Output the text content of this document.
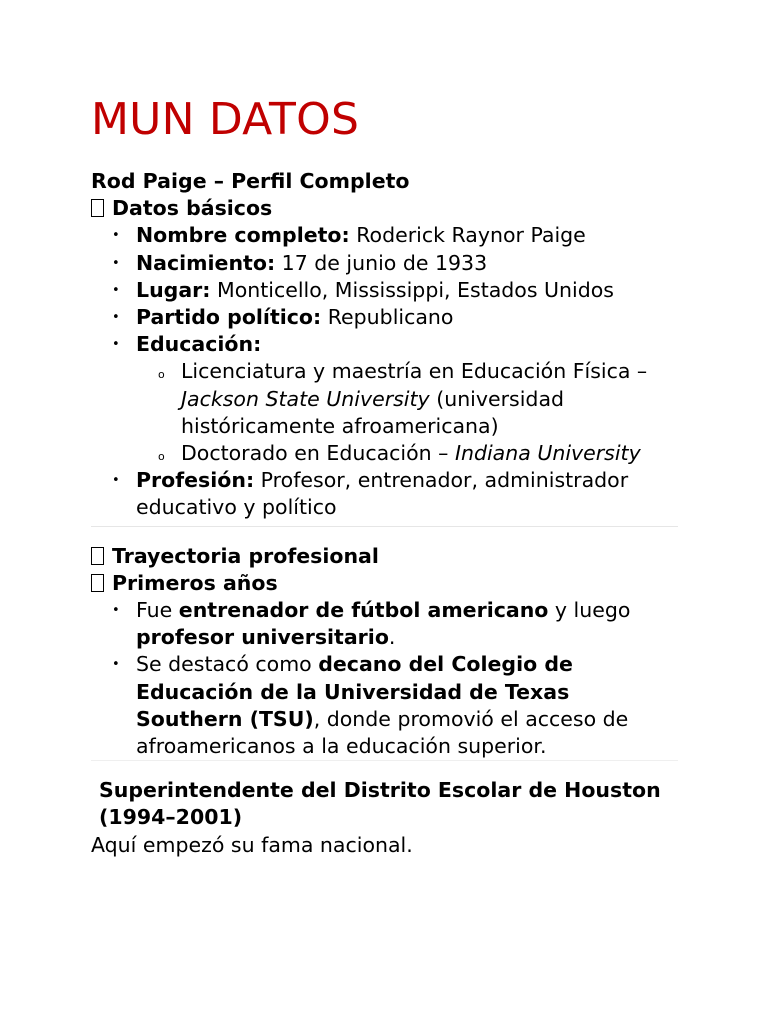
MUN DATOS

Rod Paige – Perfil Completo

Datos básicos

• Nombre completo: Roderick Raynor Paige
• Nacimiento: 17 de junio de 1933
• Lugar: Monticello, Mississippi, Estados Unidos
• Partido político: Republicano
• Educación:
o Licenciatura y maestría en Educación Física – Jackson State University (universidad históricamente afroamericana)
o Doctorado en Educación – Indiana University
• Profesión: Profesor, entrenador, administrador educativo y político

Trayectoria profesional

Primeros años

• Fue entrenador de fútbol americano y luego profesor universitario.
• Se destacó como decano del Colegio de Educación de la Universidad de Texas Southern (TSU), donde promovió el acceso de afroamericanos a la educación superior.

Superintendente del Distrito Escolar de Houston (1994–2001)

Aquí empezó su fama nacional.
